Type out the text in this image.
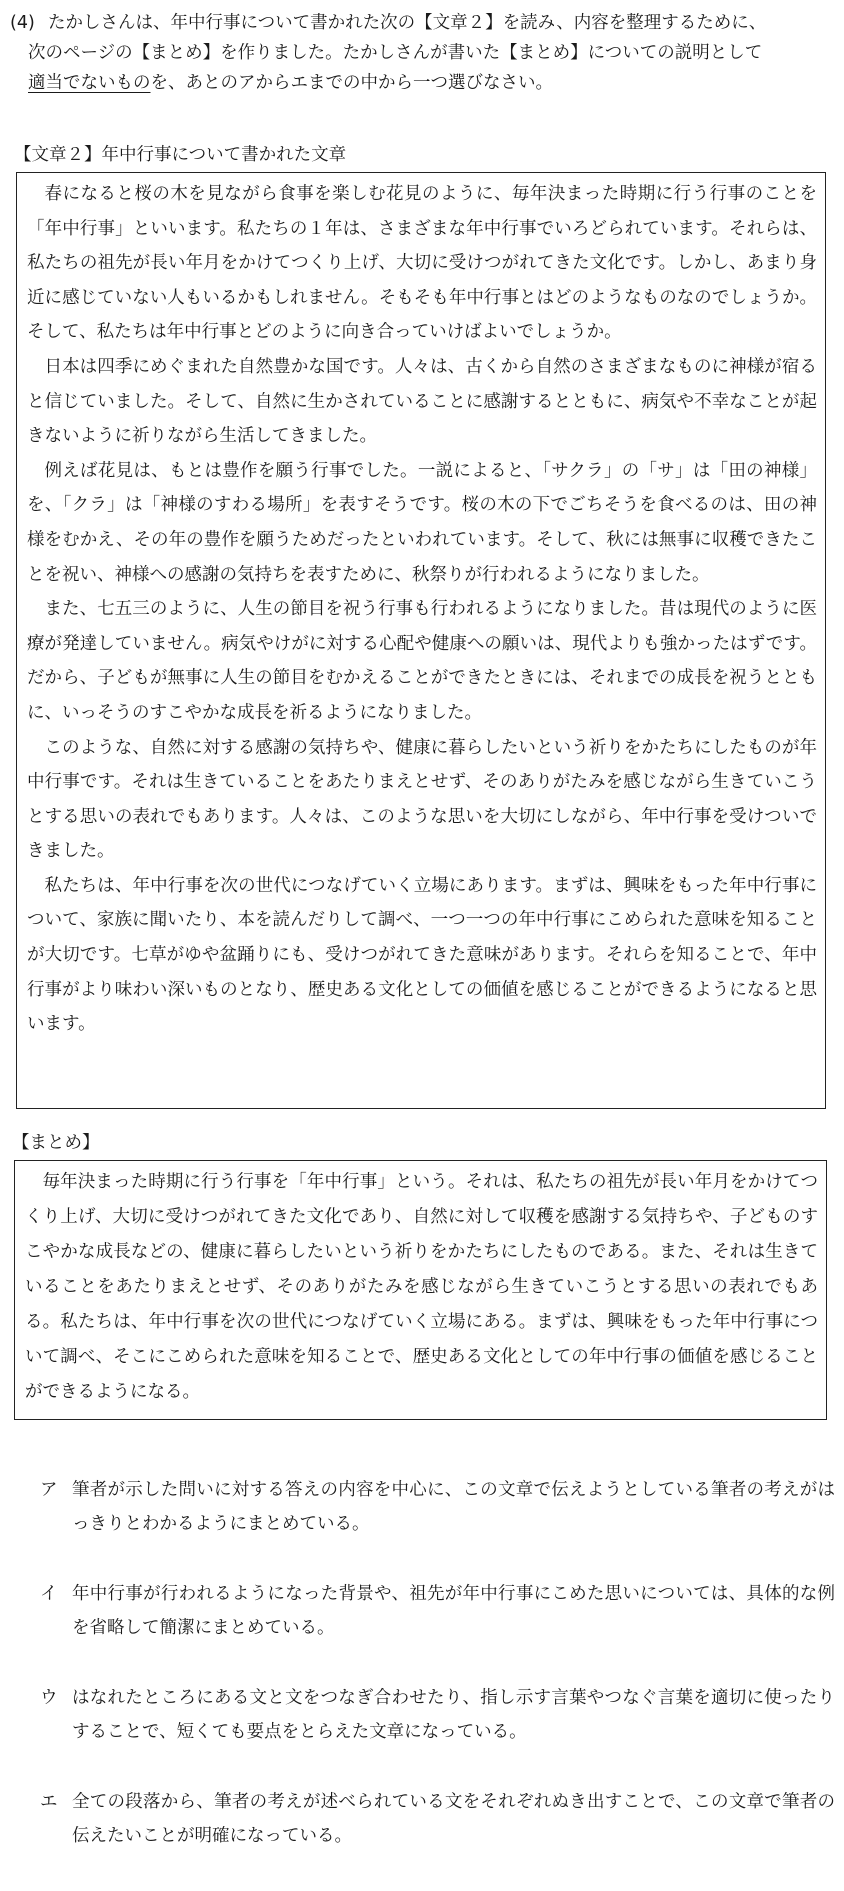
(4) たかしさんは、年中行事について書かれた次の【文章２】を読み、内容を整理するために、
次のページの【まとめ】を作りました。たかしさんが書いた【まとめ】についての説明として
適当でないものを、あとのアからエまでの中から一つ選びなさい。
【文章２】年中行事について書かれた文章

春になると桜の木を見ながら食事を楽しむ花見のように、毎年決まった時期に行う行事のことを「年中行事」といいます。私たちの１年は、さまざまな年中行事でいろどられています。それらは、私たちの祖先が長い年月をかけてつくり上げ、大切に受けつがれてきた文化です。しかし、あまり身近に感じていない人もいるかもしれません。そもそも年中行事とはどのようなものなのでしょうか。そして、私たちは年中行事とどのように向き合っていけばよいでしょうか。

日本は四季にめぐまれた自然豊かな国です。人々は、古くから自然のさまざまなものに神様が宿ると信じていました。そして、自然に生かされていることに感謝するとともに、病気や不幸なことが起きないように祈りながら生活してきました。

例えば花見は、もとは豊作を願う行事でした。一説によると、「サクラ」の「サ」は「田の神様」を、「クラ」は「神様のすわる場所」を表すそうです。桜の木の下でごちそうを食べるのは、田の神様をむかえ、その年の豊作を願うためだったといわれています。そして、秋には無事に収穫できたことを祝い、神様への感謝の気持ちを表すために、秋祭りが行われるようになりました。

また、七五三のように、人生の節目を祝う行事も行われるようになりました。昔は現代のように医療が発達していません。病気やけがに対する心配や健康への願いは、現代よりも強かったはずです。だから、子どもが無事に人生の節目をむかえることができたときには、それまでの成長を祝うとともに、いっそうのすこやかな成長を祈るようになりました。

このような、自然に対する感謝の気持ちや、健康に暮らしたいという祈りをかたちにしたものが年中行事です。それは生きていることをあたりまえとせず、そのありがたみを感じながら生きていこうとする思いの表れでもあります。人々は、このような思いを大切にしながら、年中行事を受けついできました。

私たちは、年中行事を次の世代につなげていく立場にあります。まずは、興味をもった年中行事について、家族に聞いたり、本を読んだりして調べ、一つ一つの年中行事にこめられた意味を知ることが大切です。七草がゆや盆踊りにも、受けつがれてきた意味があります。それらを知ることで、年中行事がより味わい深いものとなり、歴史ある文化としての価値を感じることができるようになると思います。

【まとめ】

毎年決まった時期に行う行事を「年中行事」という。それは、私たちの祖先が長い年月をかけてつくり上げ、大切に受けつがれてきた文化であり、自然に対して収穫を感謝する気持ちや、子どものすこやかな成長などの、健康に暮らしたいという祈りをかたちにしたものである。また、それは生きていることをあたりまえとせず、そのありがたみを感じながら生きていこうとする思いの表れでもある。私たちは、年中行事を次の世代につなげていく立場にある。まずは、興味をもった年中行事について調べ、そこにこめられた意味を知ることで、歴史ある文化としての年中行事の価値を感じることができるようになる。

ア 筆者が示した問いに対する答えの内容を中心に、この文章で伝えようとしている筆者の考えがはっきりとわかるようにまとめている。
イ 年中行事が行われるようになった背景や、祖先が年中行事にこめた思いについては、具体的な例を省略して簡潔にまとめている。
ウ はなれたところにある文と文をつなぎ合わせたり、指し示す言葉やつなぐ言葉を適切に使ったりすることで、短くても要点をとらえた文章になっている。
エ 全ての段落から、筆者の考えが述べられている文をそれぞれぬき出すことで、この文章で筆者の伝えたいことが明確になっている。
